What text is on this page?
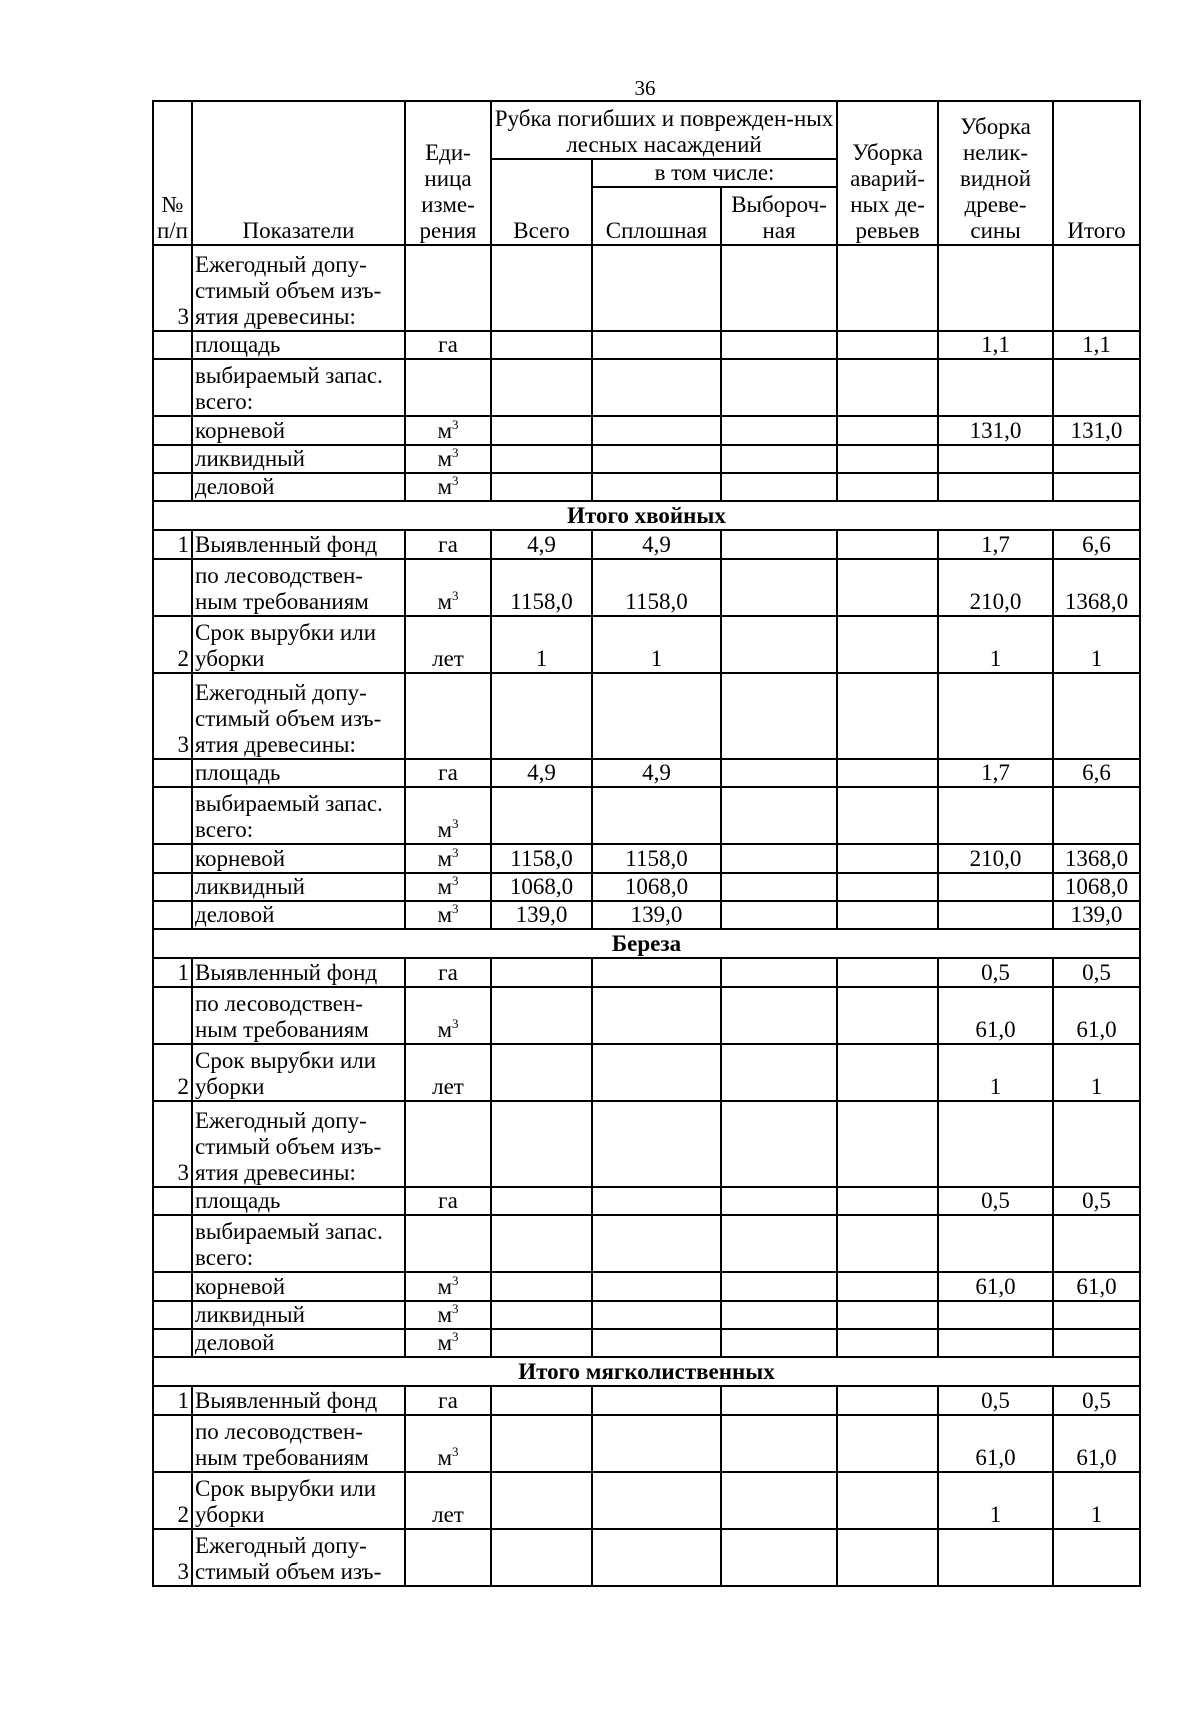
36
№ п/п	Показатели	Еди-ница изме-рения	Рубка погибших и поврежден-ных лесных насаждений			Уборка аварий-ных де-ревьев	Уборка нелик-видной древе-сины	Итого
			Всего	в том числе:				
				Сплошная	Выбороч-ная			
3	Ежегодный допу-стимый объем изъ-ятия древесины:							
	площадь	га					1,1	1,1
	выбираемый запас. всего:							
	корневой	$м^3$					131,0	131,0
	ликвидный	$м^3$						
	деловой	$м^3$						
Итого хвойных								
1	Выявленный фонд	га	4,9	4,9			1,7	6,6
	по лесоводствен-ным требованиям	$м^3$	1158,0	1158,0			210,0	1368,0
2	Срок вырубки или уборки	лет	1	1			1	1
3	Ежегодный допу-стимый объем изъ-ятия древесины:							
	площадь	га	4,9	4,9			1,7	6,6
	выбираемый запас. всего:	$м^3$						
	корневой	$м^3$	1158,0	1158,0			210,0	1368,0
	ликвидный	$м^3$	1068,0	1068,0				1068,0
	деловой	$м^3$	139,0	139,0				139,0
Береза								
1	Выявленный фонд	га					0,5	0,5
	по лесоводствен-ным требованиям	$м^3$					61,0	61,0
2	Срок вырубки или уборки	лет					1	1
3	Ежегодный допу-стимый объем изъ-ятия древесины:							
	площадь	га					0,5	0,5
	выбираемый запас. всего:							
	корневой	$м^3$					61,0	61,0
	ликвидный	$м^3$						
	деловой	$м^3$						
Итого мягколиственных								
1	Выявленный фонд	га					0,5	0,5
	по лесоводствен-ным требованиям	$м^3$					61,0	61,0
2	Срок вырубки или уборки	лет					1	1
3	Ежегодный допу-стимый объем изъ-							
